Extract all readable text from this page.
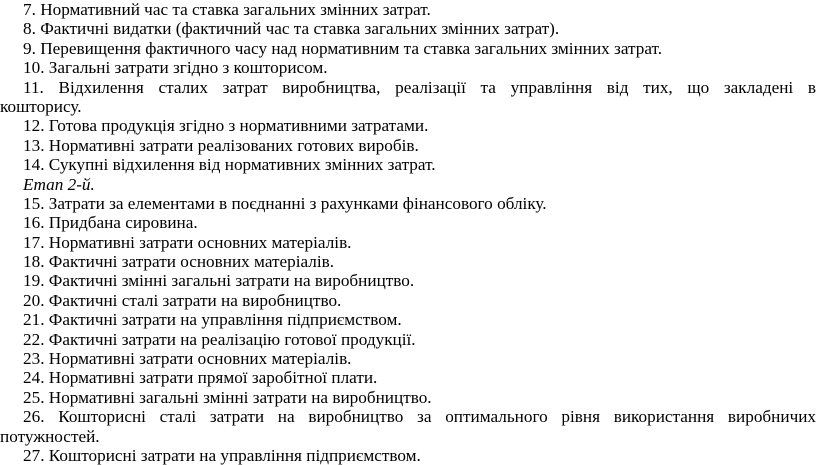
7. Нормативний час та ставка загальних змінних затрат.
8. Фактичні видатки (фактичний час та ставка загальних змінних затрат).
9. Перевищення фактичного часу над нормативним та ставка загальних змінних затрат.
10. Загальні затрати згідно з кошторисом.
11. Відхилення сталих затрат виробництва, реалізації та управління від тих, що закладені в
кошторису.
12. Готова продукція згідно з нормативними затратами.
13. Нормативні затрати реалізованих готових виробів.
14. Сукупні відхилення від нормативних змінних затрат.
Етап 2-й.
15. Затрати за елементами в поєднанні з рахунками фінансового обліку.
16. Придбана сировина.
17. Нормативні затрати основних матеріалів.
18. Фактичні затрати основних матеріалів.
19. Фактичні змінні загальні затрати на виробництво.
20. Фактичні сталі затрати на виробництво.
21. Фактичні затрати на управління підприємством.
22. Фактичні затрати на реалізацію готової продукції.
23. Нормативні затрати основних матеріалів.
24. Нормативні затрати прямої заробітної плати.
25. Нормативні загальні змінні затрати на виробництво.
26. Кошторисні сталі затрати на виробництво за оптимального рівня використання виробничих
потужностей.
27. Кошторисні затрати на управління підприємством.
